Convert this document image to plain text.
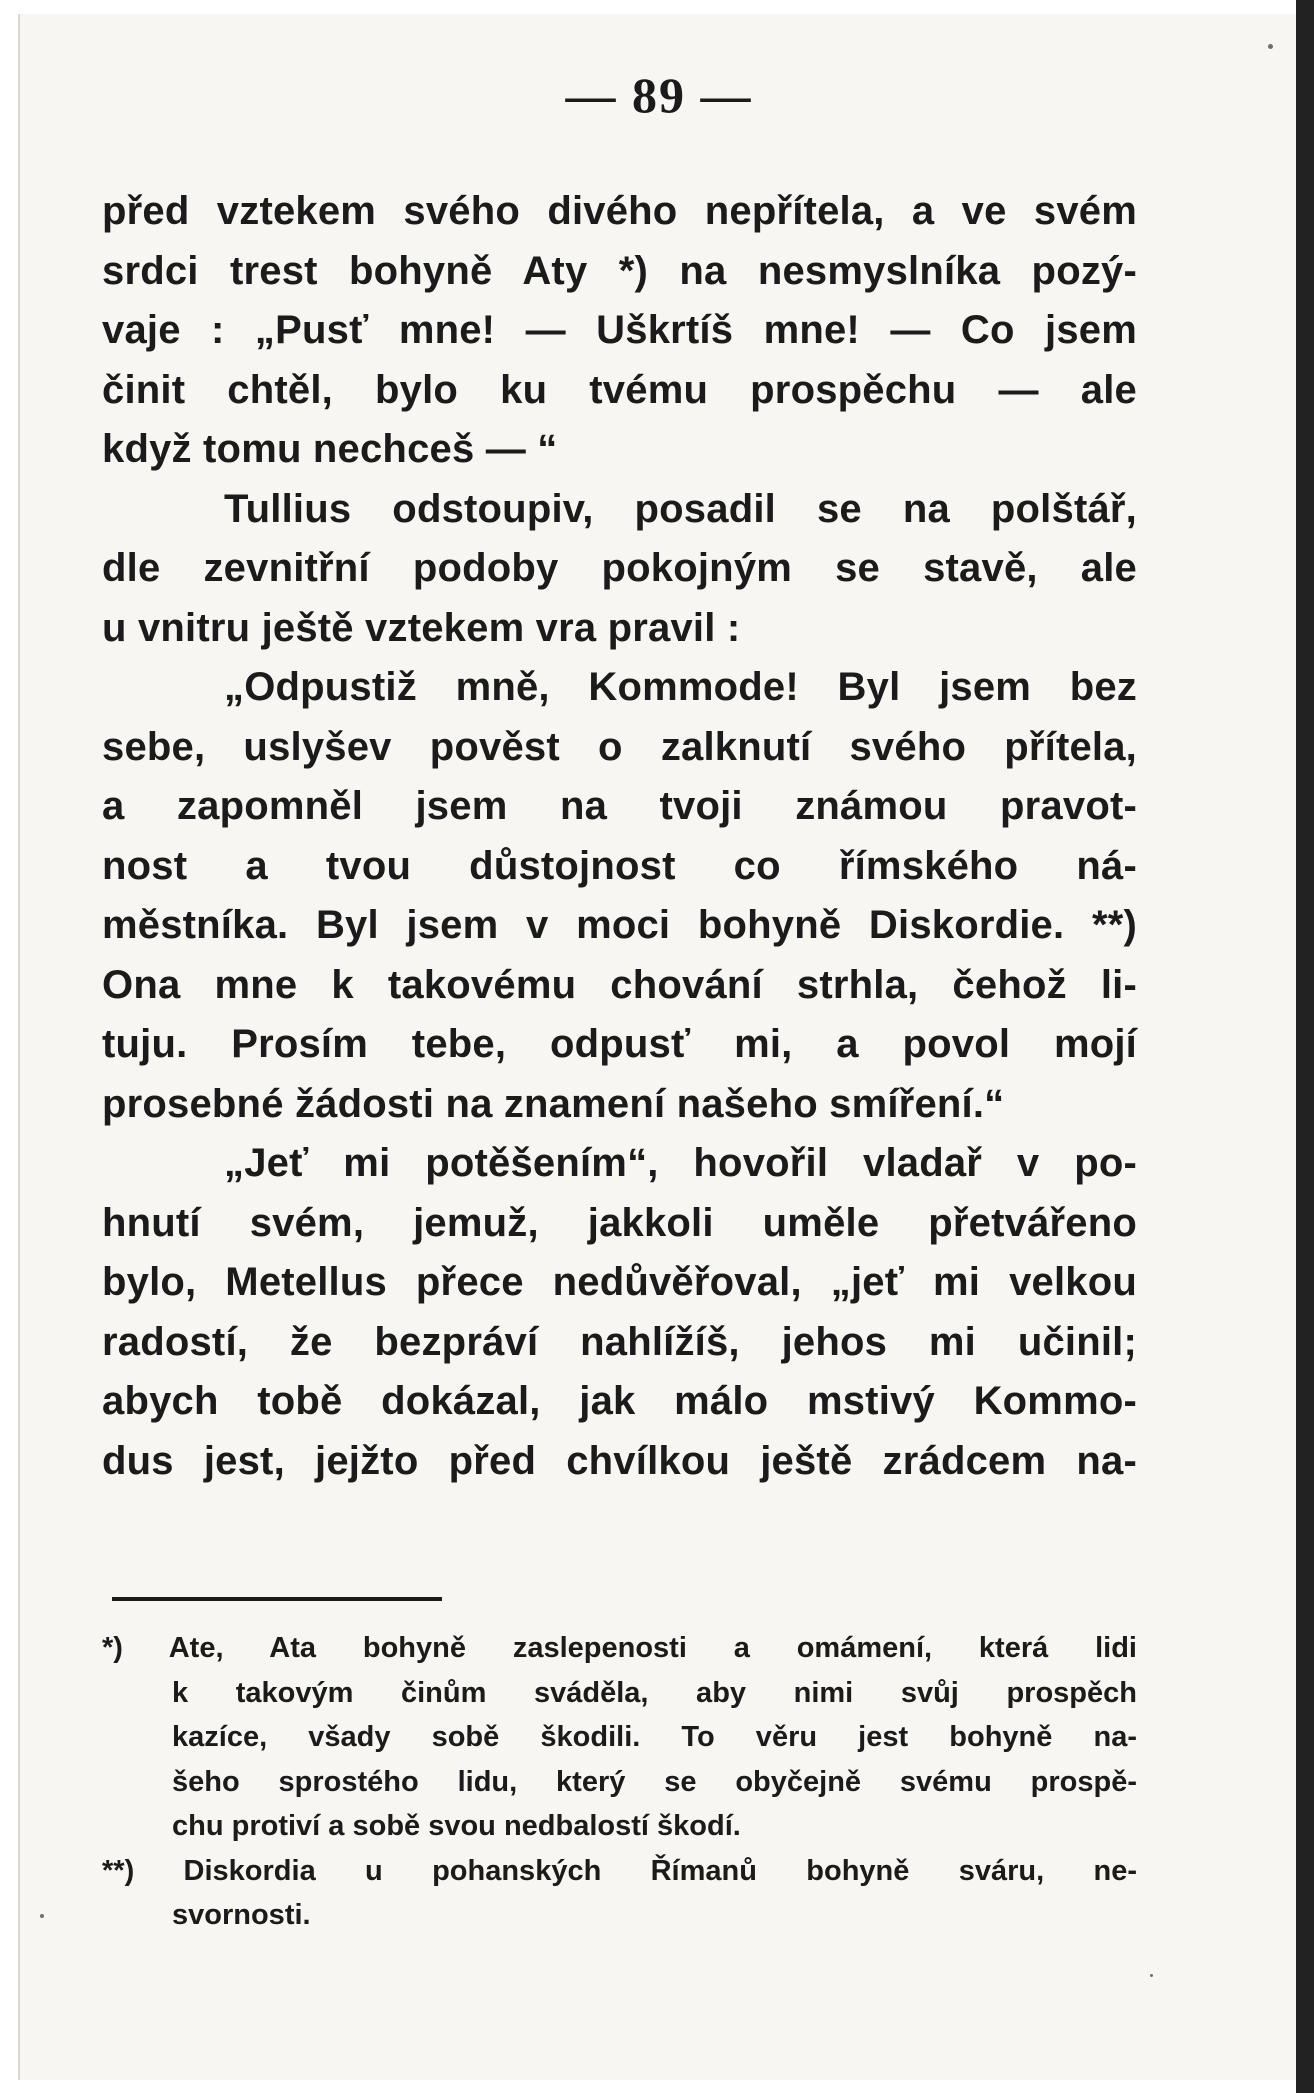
— 89 —
před vztekem svého divého nepřítela, a ve svém
srdci trest bohyně Aty *) na nesmyslníka pozý-
vaje : „Pusť mne! — Uškrtíš mne! — Co jsem
činit chtěl, bylo ku tvému prospěchu — ale
když tomu nechceš — “
Tullius odstoupiv, posadil se na polštář,
dle zevnitřní podoby pokojným se stavě, ale
u vnitru ještě vztekem vra pravil :
„Odpustiž mně, Kommode! Byl jsem bez
sebe, uslyšev pověst o zalknutí svého přítela,
a zapomněl jsem na tvoji známou pravot-
nost a tvou důstojnost co římského ná-
městníka. Byl jsem v moci bohyně Diskordie. **)
Ona mne k takovému chování strhla, čehož li-
tuju. Prosím tebe, odpusť mi, a povol mojí
prosebné žádosti na znamení našeho smíření.“
„Jeť mi potěšením“, hovořil vladař v po-
hnutí svém, jemuž, jakkoli uměle přetvářeno
bylo, Metellus přece nedůvěřoval, „jeť mi velkou
radostí, že bezpráví nahlížíš, jehos mi učinil;
abych tobě dokázal, jak málo mstivý Kommo-
dus jest, jejžto před chvílkou ještě zrádcem na-
*) Ate, Ata bohyně zaslepenosti a omámení, která lidi
k takovým činům sváděla, aby nimi svůj prospěch
kazíce, všady sobě škodili. To věru jest bohyně na-
šeho sprostého lidu, který se obyčejně svému prospě-
chu protiví a sobě svou nedbalostí škodí.
**) Diskordia u pohanských Římanů bohyně sváru, ne-
svornosti.
